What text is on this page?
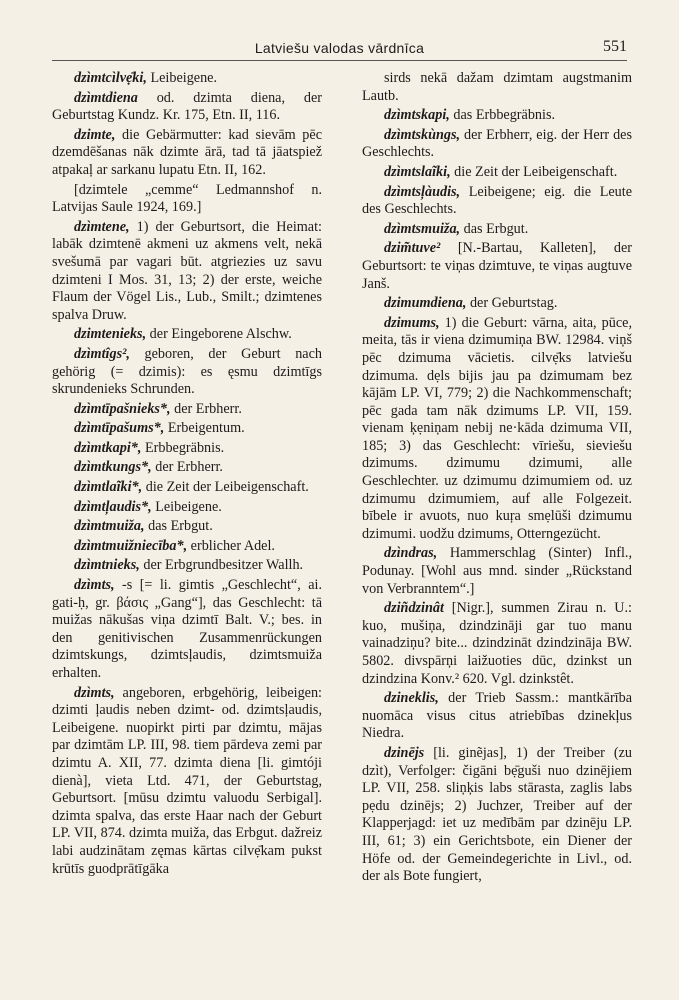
Latviešu valodas vārdnīca	551

dzìmtcìlvẹ̄ki, Leibeigene.

dzìmtdiena od. dzimta diena, der Geburtstag Kundz. Kr. 175, Etn. II, 116.

dzimte, die Gebärmutter: kad sievām pēc dzemdēšanas nāk dzimte ārā, tad tā jāatspiež atpakaļ ar sarkanu lupatu Etn. II, 162.

[dzimtele „cemme“ Ledmannshof n. Latvijas Saule 1924, 169.]

dzìmtene, 1) der Geburtsort, die Heimat: labāk dzimtenē akmeni uz akmens velt, nekā svešumā par vagari būt. atgriezies uz savu dzimteni I Mos. 31, 13; 2) der erste, weiche Flaum der Vögel Lis., Lub., Smilt.; dzimtenes spalva Druw.

dzimtenieks, der Eingeborene Alschw.

dzìmtîgs², geboren, der Geburt nach gehörig (= dzimis): es ęsmu dzimtīgs skrundenieks Schrunden.

dzìmtīpašnieks*, der Erbherr.

dzìmtīpašums*, Erbeigentum.

dzìmtkapi*, Erbbegräbnis.

dzìmtkungs*, der Erbherr.

dzìmtlaĩki*, die Zeit der Leibeigenschaft.

dzìmtļaudis*, Leibeigene.

dzìmtmuiža, das Erbgut.

dzìmtmuižniecība*, erblicher Adel.

dzìmtnieks, der Erbgrundbesitzer Wallh.

dzìmts, -s [= li. gimtis „Geschlecht“, ai. gati-ḥ, gr. βάσις „Gang“], das Geschlecht: tā muižas nākušas viņa dzimtī Balt. V.; bes. in den genitivischen Zusammenrückungen dzimtskungs, dzimtsļaudis, dzimtsmuiža erhalten.

dzìmts, angeboren, erbgehörig, leibeigen: dzimti ļaudis neben dzimt- od. dzimtsļaudis, Leibeigene. nuopirkt pirti par dzimtu, mājas par dzimtām LP. III, 98. tiem pārdeva zemi par dzimtu A. XII, 77. dzimta diena [li. gimtóji dienà], vieta Ltd. 471, der Geburtstag, Geburtsort. [mūsu dzimtu valuodu Serbigal]. dzimta spalva, das erste Haar nach der Geburt LP. VII, 874. dzimta muiža, das Erbgut. dažreiz labi audzinātam zęmas kārtas cilvẹ̄kam pukst krūtīs guodprātīgāka

sirds nekā dažam dzimtam augstmanim Lautb.

dzìmtskapi, das Erbbegräbnis.

dzìmtskùngs, der Erbherr, eig. der Herr des Geschlechts.

dzìmtslaĩki, die Zeit der Leibeigenschaft.

dzìmtsļàudis, Leibeigene; eig. die Leute des Geschlechts.

dzìmtsmuiža, das Erbgut.

dzim̃tuve² [N.-Bartau, Kalleten], der Geburtsort: te viņas dzimtuve, te viņas augtuve Janš.

dzimumdiena, der Geburtstag.

dzimums, 1) die Geburt: vārna, aita, pūce, meita, tās ir viena dzimumiņa BW. 12984. viņš pēc dzimuma vācietis. cilvẹ̄ks latviešu dzimuma. dẹls bijis jau pa dzimumam bez kājām LP. VI, 779; 2) die Nachkommenschaft; pēc gada tam nāk dzimums LP. VII, 159. vienam ķẹniņam nebij ne·kāda dzimuma VII, 185; 3) das Geschlecht: vīriešu, sieviešu dzimums. dzimumu dzimumi, alle Geschlechter. uz dzimumu dzimumiem od. uz dzimumu dzimumiem, auf alle Folgezeit. bībele ir avuots, nuo kuŗa smẹlūši dzimumu dzimumi. uodžu dzimums, Otterngezücht.

dzìndras, Hammerschlag (Sinter) Infl., Podunay. [Wohl aus mnd. sinder „Rückstand von Verbranntem“.]

dziñdzinât [Nigr.], summen Zirau n. U.: kuo, mušiņa, dzindzināji gar tuo manu vainadziņu? bite... dzindzināt dzindzināja BW. 5802. divspārņi laižuoties dūc, dzinkst un dzindzina Konv.² 620. Vgl. dzinkstêt.

dzineklis, der Trieb Sassm.: mantkārība nuomāca visus citus atriebības dzinekļus Niedra.

dzinējs [li. ginẽjas], 1) der Treiber (zu dzìt), Verfolger: čigāni bẹ̄guši nuo dzinējiem LP. VII, 258. sliņķis labs stārasta, zaglis labs pẹdu dzinējs; 2) Juchzer, Treiber auf der Klapperjagd: iet uz medībām par dzinēju LP. III, 61; 3) ein Gerichtsbote, ein Diener der Höfe od. der Gemeindegerichte in Livl., od. der als Bote fungiert,
